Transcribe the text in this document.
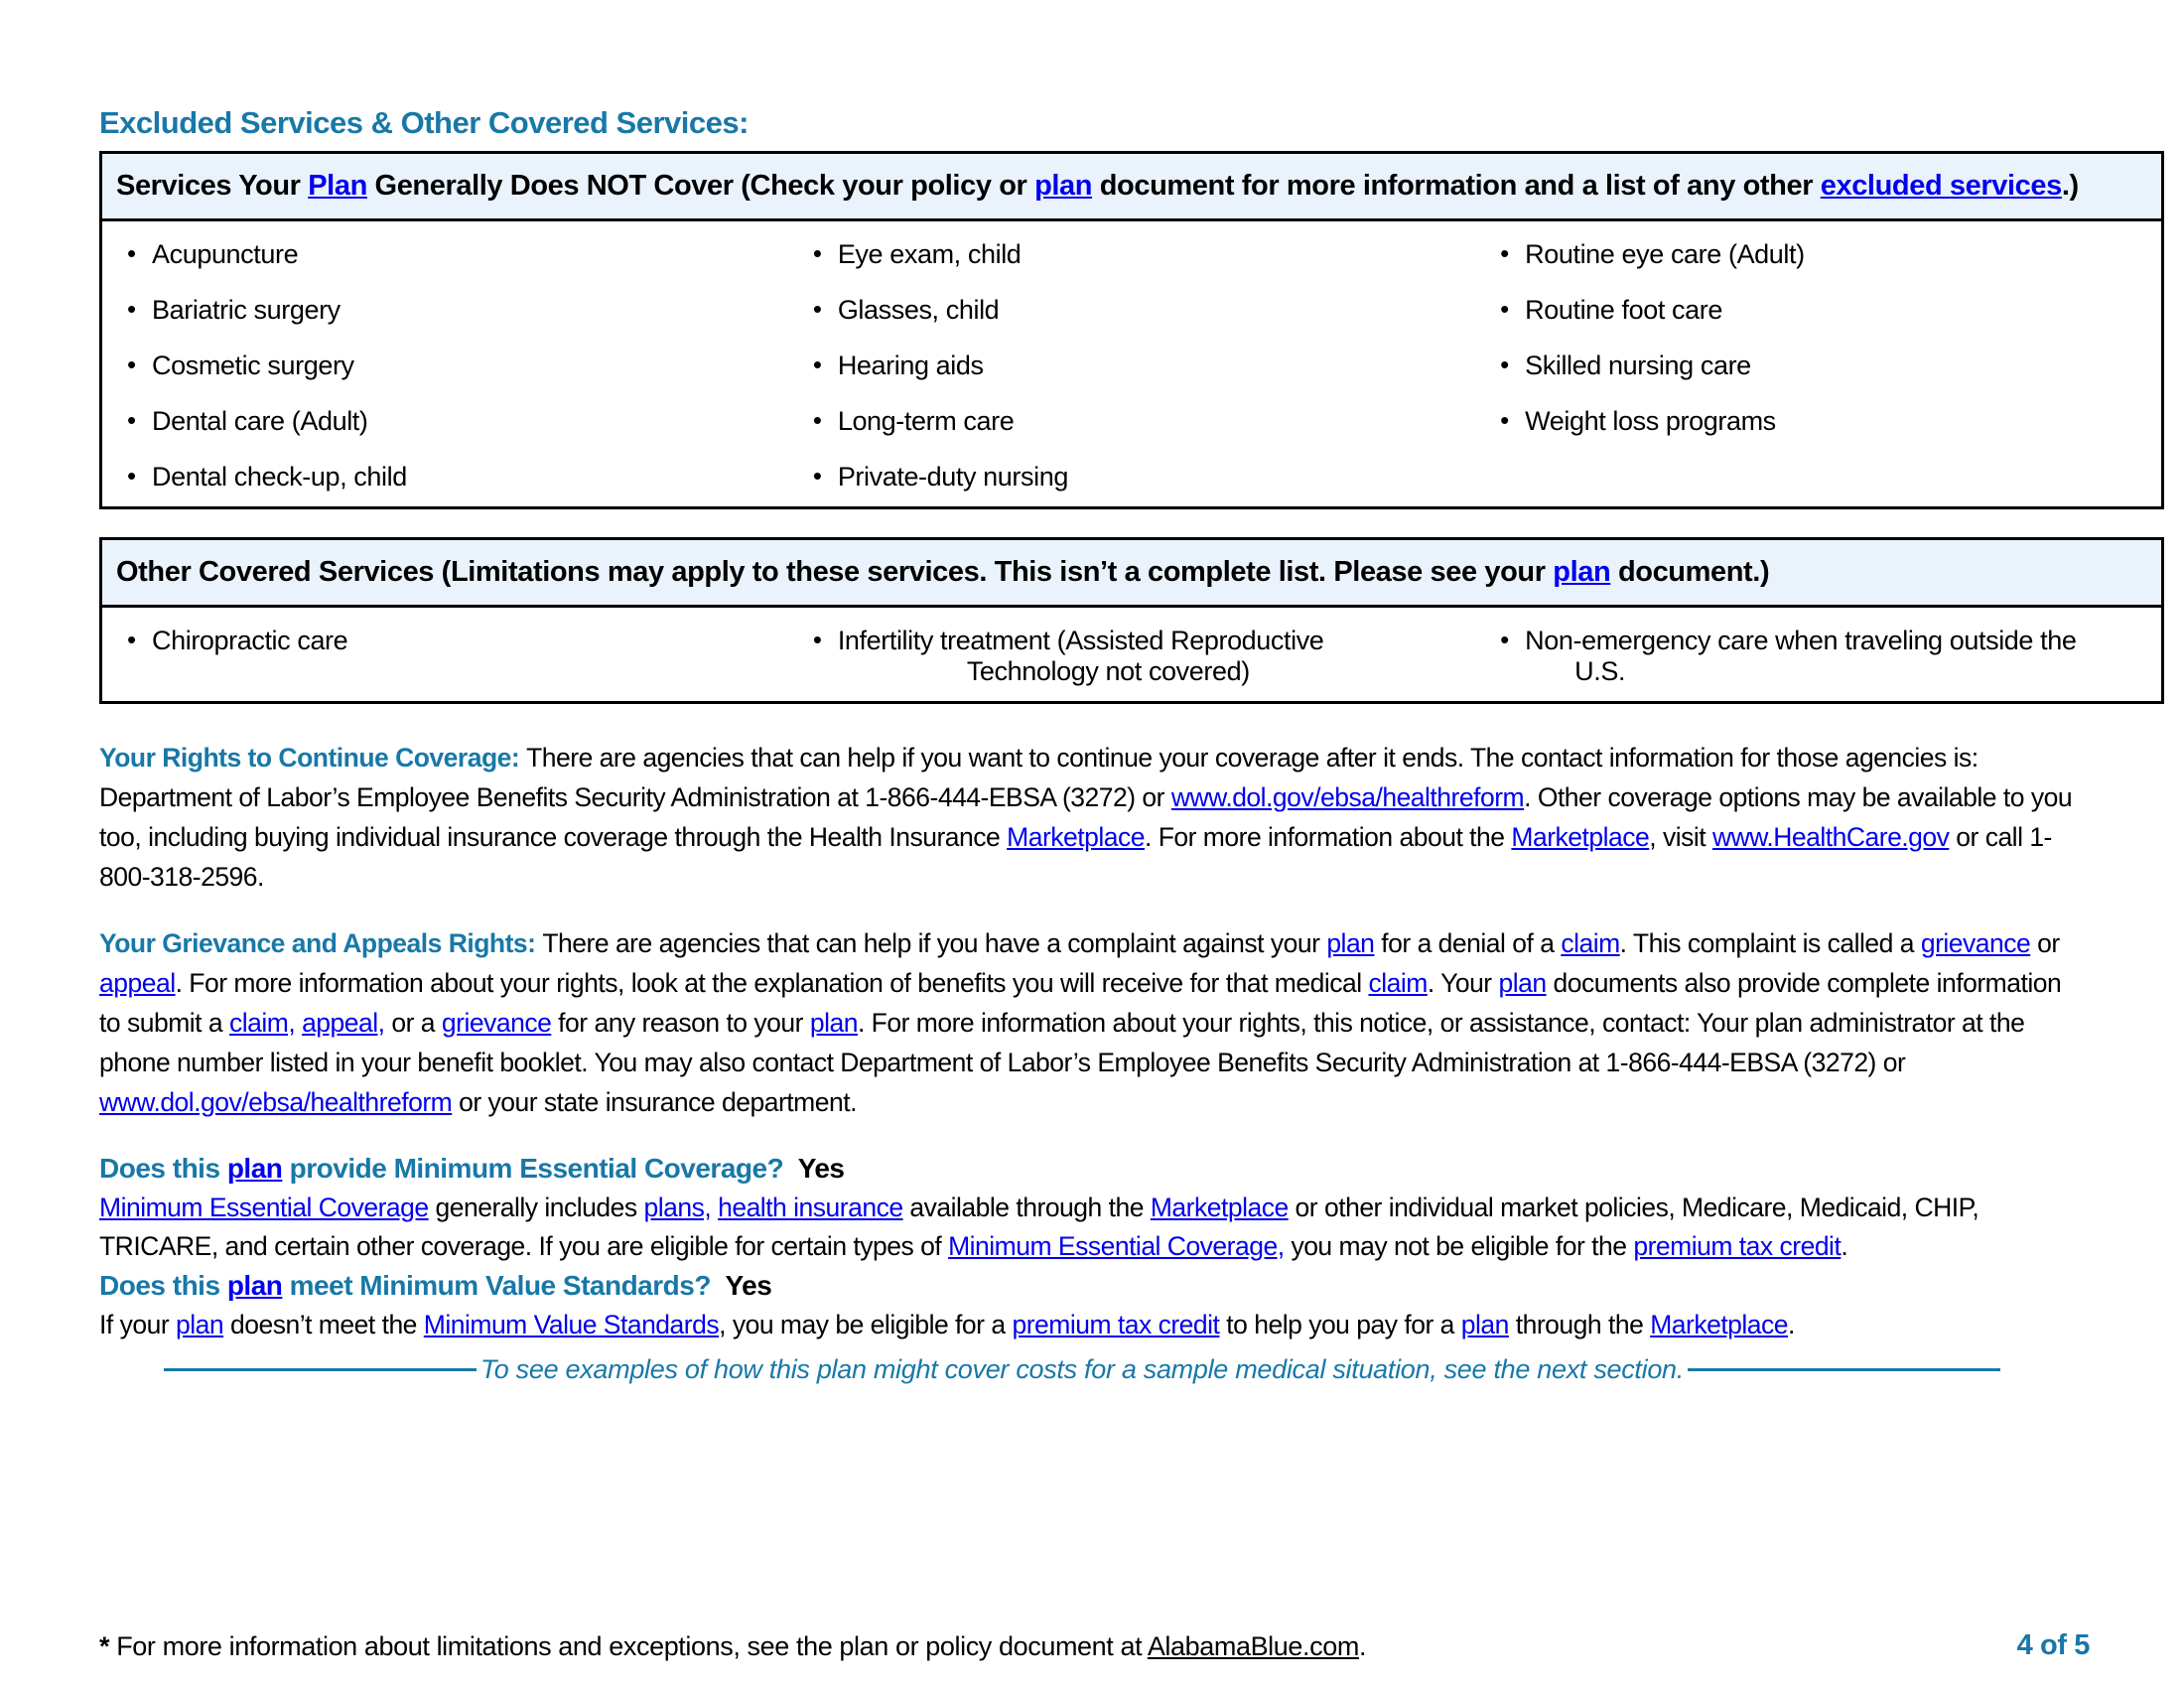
Excluded Services & Other Covered Services:
Services Your Plan Generally Does NOT Cover (Check your policy or plan document for more information and a list of any other excluded services.)

• Acupuncture
• Bariatric surgery
• Cosmetic surgery
• Dental care (Adult)
• Dental check-up, child

• Eye exam, child
• Glasses, child
• Hearing aids
• Long-term care
• Private-duty nursing

• Routine eye care (Adult)
• Routine foot care
• Skilled nursing care
• Weight loss programs
Other Covered Services (Limitations may apply to these services. This isn’t a complete list. Please see your plan document.)

• Chiropractic care

•Infertility treatment (Assisted Reproductive
Technology not covered)

• Non-emergency care when traveling outside the
U.S.

Your Rights to Continue Coverage: There are agencies that can help if you want to continue your coverage after it ends. The contact information for those agencies is: Department of Labor’s Employee Benefits Security Administration at 1-866-444-EBSA (3272) or www.dol.gov/ebsa/healthreform. Other coverage options may be available to you too, including buying individual insurance coverage through the Health Insurance Marketplace. For more information about the Marketplace, visit www.HealthCare.gov or call 1-800-318-2596.

Your Grievance and Appeals Rights: There are agencies that can help if you have a complaint against your plan for a denial of a claim. This complaint is called a grievance or appeal. For more information about your rights, look at the explanation of benefits you will receive for that medical claim. Your plan documents also provide complete information to submit a claim, appeal, or a grievance for any reason to your plan. For more information about your rights, this notice, or assistance, contact: Your plan administrator at the phone number listed in your benefit booklet. You may also contact Department of Labor’s Employee Benefits Security Administration at 1-866-444-EBSA (3272) or www.dol.gov/ebsa/healthreform or your state insurance department.

Does this plan provide Minimum Essential Coverage?  Yes

Minimum Essential Coverage generally includes plans, health insurance available through the Marketplace or other individual market policies, Medicare, Medicaid, CHIP, TRICARE, and certain other coverage. If you are eligible for certain types of Minimum Essential Coverage, you may not be eligible for the premium tax credit.

Does this plan meet Minimum Value Standards?  Yes

If your plan doesn’t meet the Minimum Value Standards, you may be eligible for a premium tax credit to help you pay for a plan through the Marketplace.

To see examples of how this plan might cover costs for a sample medical situation, see the next section.

* For more information about limitations and exceptions, see the plan or policy document at AlabamaBlue.com.	4 of 5
